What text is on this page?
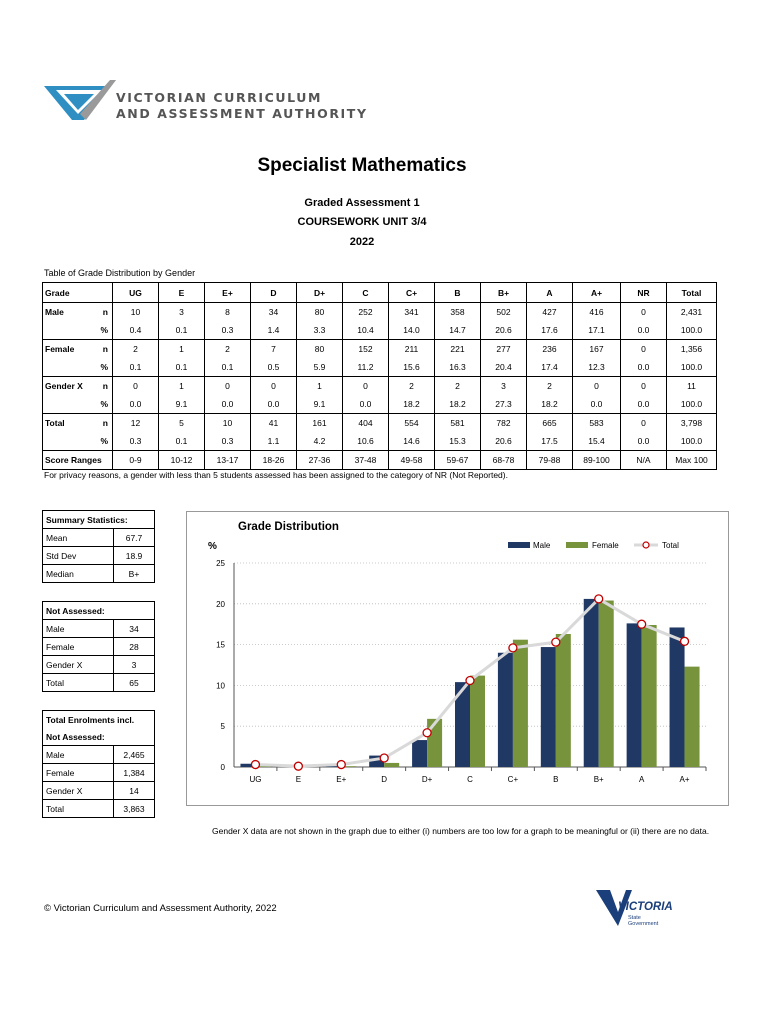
VICTORIAN CURRICULUM
AND ASSESSMENT AUTHORITY
Specialist Mathematics
Graded Assessment 1
COURSEWORK UNIT 3/4
2022
Table of Grade Distribution by Gender
Grade		UG	E	E+	D	D+	C	C+	B	B+	A	A+	NR	Total
Male	n	10	3	8	34	80	252	341	358	502	427	416	0	2,431
	%	0.4	0.1	0.3	1.4	3.3	10.4	14.0	14.7	20.6	17.6	17.1	0.0	100.0
Female	n	2	1	2	7	80	152	211	221	277	236	167	0	1,356
	%	0.1	0.1	0.1	0.5	5.9	11.2	15.6	16.3	20.4	17.4	12.3	0.0	100.0
Gender X	n	0	1	0	0	1	0	2	2	3	2	0	0	11
	%	0.0	9.1	0.0	0.0	9.1	0.0	18.2	18.2	27.3	18.2	0.0	0.0	100.0
Total	n	12	5	10	41	161	404	554	581	782	665	583	0	3,798
	%	0.3	0.1	0.3	1.1	4.2	10.6	14.6	15.3	20.6	17.5	15.4	0.0	100.0
Score Ranges		0-9	10-12	13-17	18-26	27-36	37-48	49-58	59-67	68-78	79-88	89-100	N/A	Max 100
For privacy reasons, a gender with less than 5 students assessed has been assigned to the category of NR (Not Reported).
Summary Statistics:	
Mean	67.7
Std Dev	18.9
Median	B+
Not Assessed:	
Male	34
Female	28
Gender X	3
Total	65
Total Enrolments incl.	
Not Assessed:	
Male	2,465
Female	1,384
Gender X	14
Total	3,863
Grade Distribution
%
0
5
10
15
20
25
UG	E	E+	D	D+	C	C+	B	B+	A	A+
Male	Female	Total
Gender X data are not shown in the graph due to either (i) numbers are too low for a graph to be meaningful or (ii) there are no data.
© Victorian Curriculum and Assessment Authority, 2022	VICTORIA
State
Government
